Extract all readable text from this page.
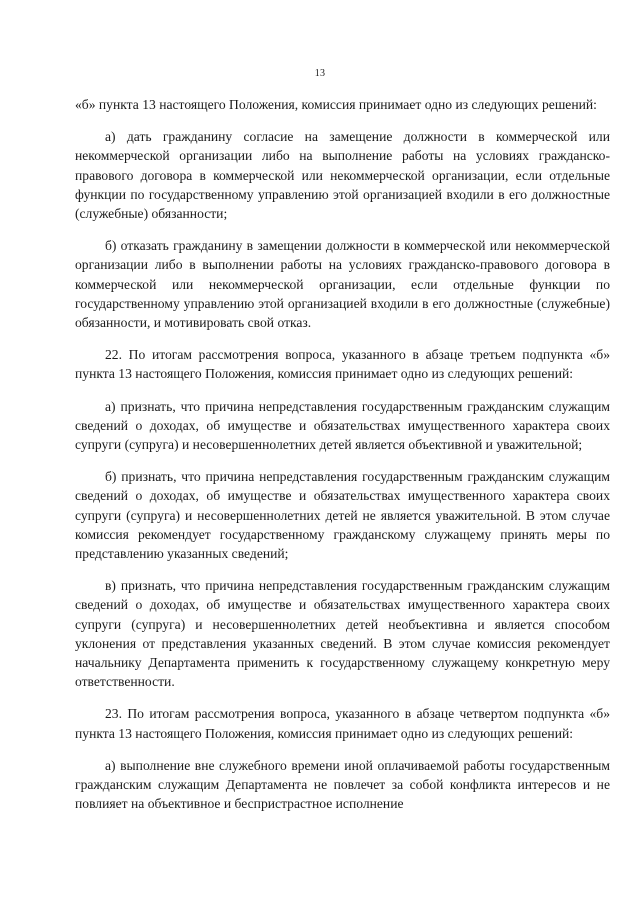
13

«б» пункта 13 настоящего Положения, комиссия принимает одно из следующих решений:

а) дать гражданину согласие на замещение должности в коммерческой или некоммерческой организации либо на выполнение работы на условиях гражданско-правового договора в коммерческой или некоммерческой организации, если отдельные функции по государственному управлению этой организацией входили в его должностные (служебные) обязанности;

б) отказать гражданину в замещении должности в коммерческой или некоммерческой организации либо в выполнении работы на условиях гражданско-правового договора в коммерческой или некоммерческой организации, если отдельные функции по государственному управлению этой организацией входили в его должностные (служебные) обязанности, и мотивировать свой отказ.

22. По итогам рассмотрения вопроса, указанного в абзаце третьем подпункта «б» пункта 13 настоящего Положения, комиссия принимает одно из следующих решений:

а) признать, что причина непредставления государственным гражданским служащим сведений о доходах, об имуществе и обязательствах имущественного характера своих супруги (супруга) и несовершеннолетних детей является объективной и уважительной;

б) признать, что причина непредставления государственным гражданским служащим сведений о доходах, об имуществе и обязательствах имущественного характера своих супруги (супруга) и несовершеннолетних детей не является уважительной. В этом случае комиссия рекомендует государственному гражданскому служащему принять меры по представлению указанных сведений;

в) признать, что причина непредставления государственным гражданским служащим сведений о доходах, об имуществе и обязательствах имущественного характера своих супруги (супруга) и несовершеннолетних детей необъективна и является способом уклонения от представления указанных сведений. В этом случае комиссия рекомендует начальнику Департамента применить к государственному служащему конкретную меру ответственности.

23. По итогам рассмотрения вопроса, указанного в абзаце четвертом подпункта «б» пункта 13 настоящего Положения, комиссия принимает одно из следующих решений:

а) выполнение вне служебного времени иной оплачиваемой работы государственным гражданским служащим Департамента не повлечет за собой конфликта интересов и не повлияет на объективное и беспристрастное исполнение
